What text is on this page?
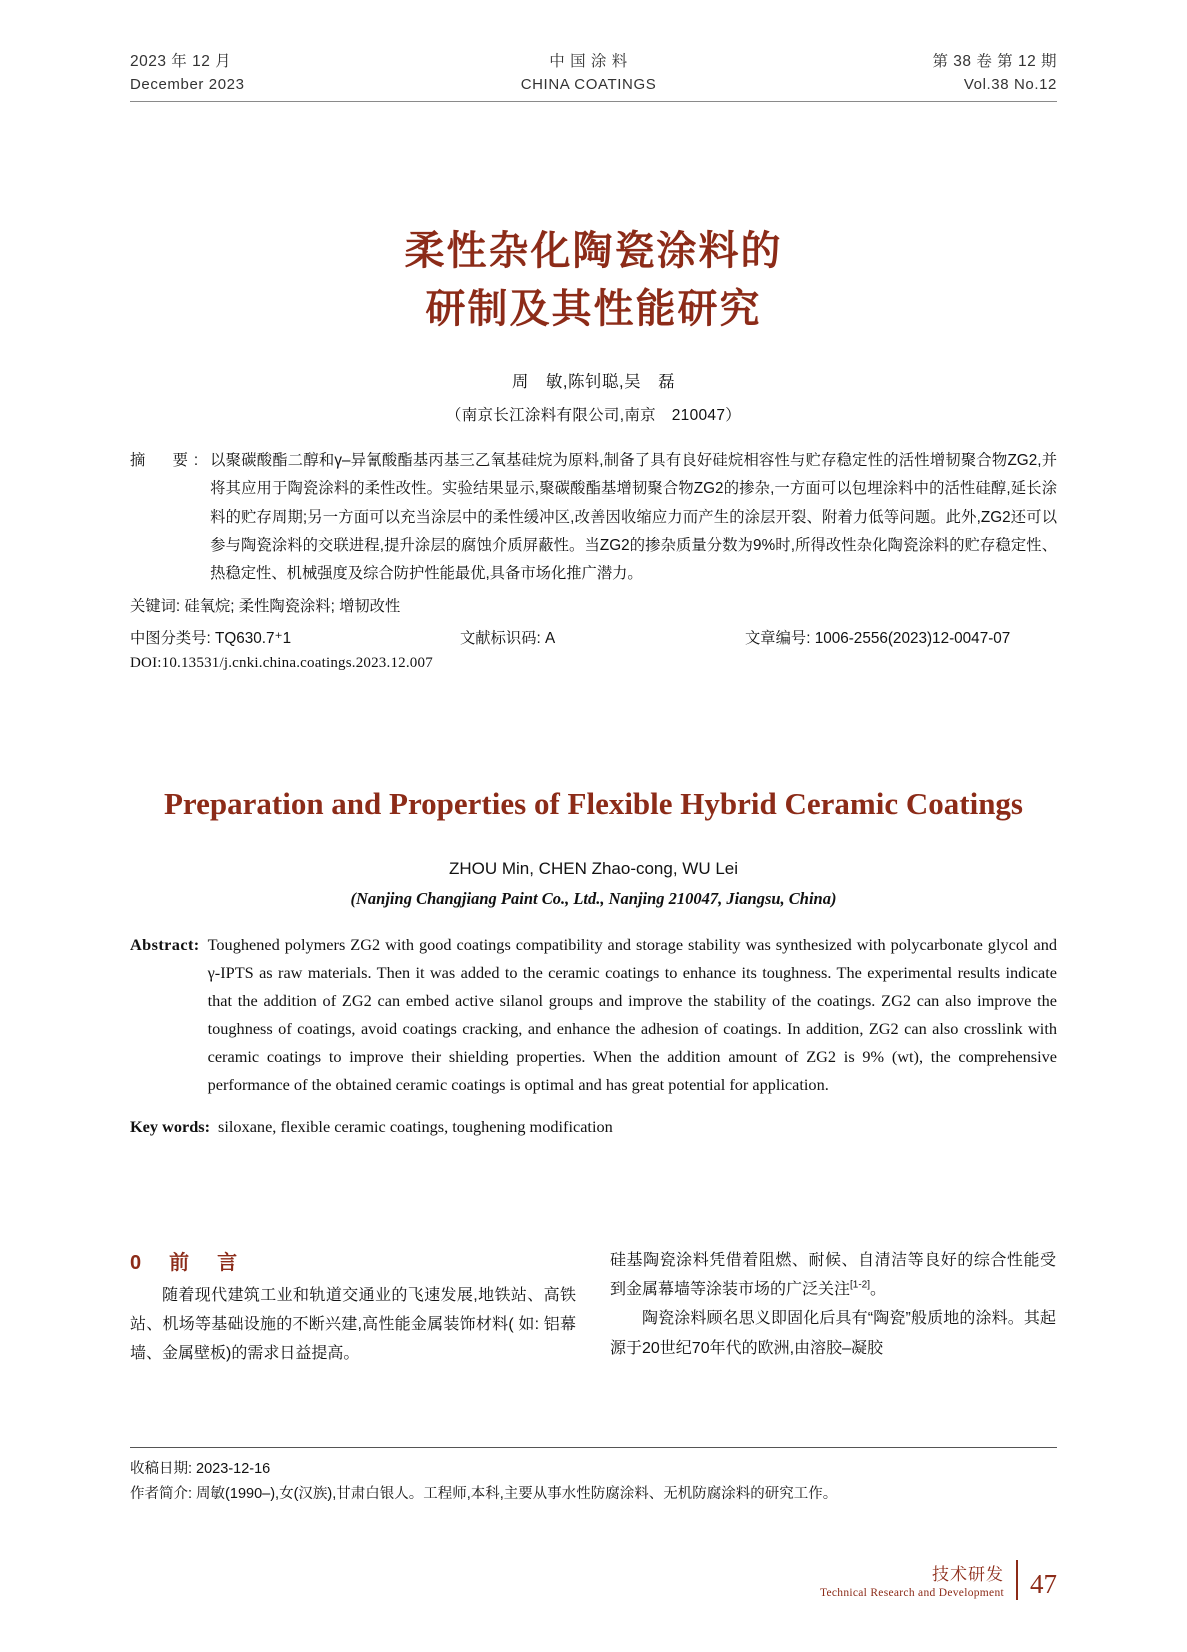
2023 年 12 月
December 2023
中 国 涂 料
CHINA COATINGS
第 38 卷 第 12 期
Vol.38 No.12
柔性杂化陶瓷涂料的
研制及其性能研究
周　敏,陈钊聪,吴　磊
（南京长江涂料有限公司,南京　210047）
摘　要: 以聚碳酸酯二醇和γ–异氰酸酯基丙基三乙氧基硅烷为原料,制备了具有良好硅烷相容性与贮存稳定性的活性增韧聚合物ZG2,并将其应用于陶瓷涂料的柔性改性。实验结果显示,聚碳酸酯基增韧聚合物ZG2的掺杂,一方面可以包埋涂料中的活性硅醇,延长涂料的贮存周期;另一方面可以充当涂层中的柔性缓冲区,改善因收缩应力而产生的涂层开裂、附着力低等问题。此外,ZG2还可以参与陶瓷涂料的交联进程,提升涂层的腐蚀介质屏蔽性。当ZG2的掺杂质量分数为9%时,所得改性杂化陶瓷涂料的贮存稳定性、热稳定性、机械强度及综合防护性能最优,具备市场化推广潜力。
关键词: 硅氧烷; 柔性陶瓷涂料; 增韧改性
中图分类号: TQ630.7⁺1	文献标识码: A	文章编号: 1006-2556(2023)12-0047-07
DOI:10.13531/j.cnki.china.coatings.2023.12.007
Preparation and Properties of Flexible Hybrid Ceramic Coatings
ZHOU Min, CHEN Zhao-cong, WU Lei
(Nanjing Changjiang Paint Co., Ltd., Nanjing 210047, Jiangsu, China)
Abstract: Toughened polymers ZG2 with good coatings compatibility and storage stability was synthesized with polycarbonate glycol and γ-IPTS as raw materials. Then it was added to the ceramic coatings to enhance its toughness. The experimental results indicate that the addition of ZG2 can embed active silanol groups and improve the stability of the coatings. ZG2 can also improve the toughness of coatings, avoid coatings cracking, and enhance the adhesion of coatings. In addition, ZG2 can also crosslink with ceramic coatings to improve their shielding properties. When the addition amount of ZG2 is 9% (wt), the comprehensive performance of the obtained ceramic coatings is optimal and has great potential for application.
Key words: siloxane, flexible ceramic coatings, toughening modification
0　前　言
随着现代建筑工业和轨道交通业的飞速发展,地铁站、高铁站、机场等基础设施的不断兴建,高性能金属装饰材料( 如: 铝幕墙、金属壁板)的需求日益提高。
硅基陶瓷涂料凭借着阻燃、耐候、自清洁等良好的综合性能受到金属幕墙等涂装市场的广泛关注[1-2]。
陶瓷涂料顾名思义即固化后具有“陶瓷”般质地的涂料。其起源于20世纪70年代的欧洲,由溶胶–凝胶
收稿日期: 2023-12-16
作者简介: 周敏(1990–),女(汉族),甘肃白银人。工程师,本科,主要从事水性防腐涂料、无机防腐涂料的研究工作。
技术研发
Technical Research and Development 47
